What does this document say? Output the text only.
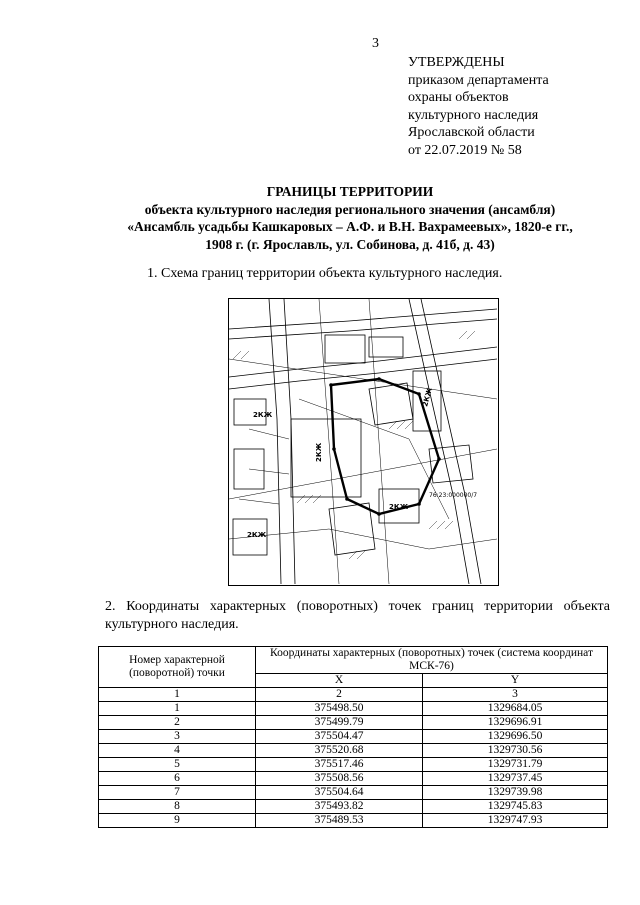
3
УТВЕРЖДЕНЫ
приказом департамента
охраны объектов
культурного наследия
Ярославской области
от 22.07.2019 № 58
ГРАНИЦЫ ТЕРРИТОРИИ
объекта культурного наследия регионального значения (ансамбля)
«Ансамбль усадьбы Кашкаровых – А.Ф. и В.Н. Вахрамеевых», 1820-е гг.,
1908 г. (г. Ярославль, ул. Собинова, д. 41б, д. 43)
1. Схема границ территории объекта культурного наследия.
2КЖ
2КЖ
2КЖ
2КЖ
2КЖ
76:23:000000/7
2. Координаты характерных (поворотных) точек границ территории объекта культурного наследия.
Номер характерной (поворотной) точки	Координаты характерных (поворотных) точек (система координат МСК-76)	

	X	Y
1	2	3
1	375498.50	1329684.05
2	375499.79	1329696.91
3	375504.47	1329696.50
4	375520.68	1329730.56
5	375517.46	1329731.79
6	375508.56	1329737.45
7	375504.64	1329739.98
8	375493.82	1329745.83
9	375489.53	1329747.93
